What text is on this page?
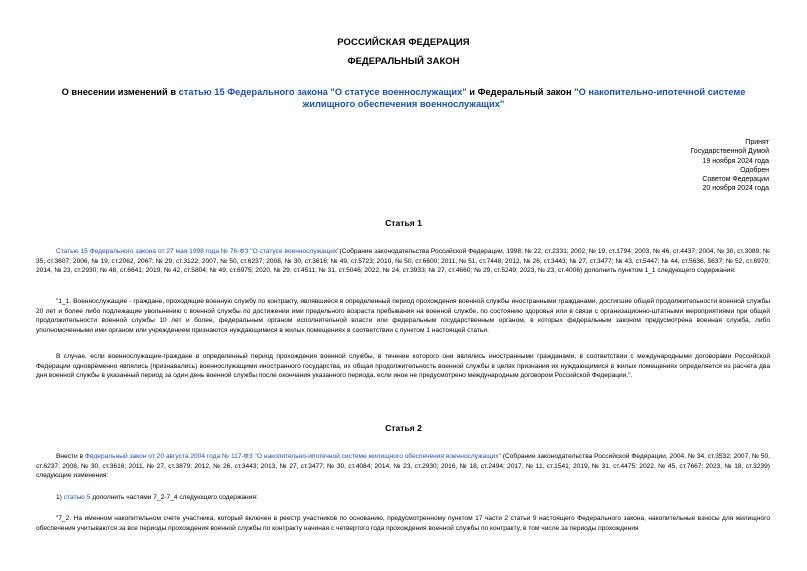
РОССИЙСКАЯ ФЕДЕРАЦИЯ
ФЕДЕРАЛЬНЫЙ ЗАКОН
О внесении изменений в статью 15 Федерального закона "О статусе военнослужащих" и Федеральный закон "О накопительно-ипотечной системе жилищного обеспечения военнослужащих"
Принят
Государственной Думой
19 ноября 2024 года
Одобрен
Советом Федерации
20 ноября 2024 года
Статья 1
Статью 15 Федерального закона от 27 мая 1998 года № 76-ФЗ "О статусе военнослужащих"(Собрание законодательства Российской Федерации, 1998, № 22, ст.2331; 2002, № 19, ст.1794; 2003, № 46, ст.4437; 2004, № 30, ст.3089; № 35, ст.3607; 2006, № 19, ст.2062, 2067; № 29, ст.3122; 2007, № 50, ст.6237; 2008, № 30, ст.3616; № 49, ст.5723; 2010, № 50, ст.6600; 2011, № 51, ст.7448; 2012, № 26, ст.3443; № 27, ст.3477; № 43, ст.5447; № 44, ст.5636, 5637; № 52, ст.6970; 2014, № 23, ст.2930; № 48, ст.6641; 2019, № 42, ст.5804; № 49, ст.6975; 2020, № 29, ст.4511; № 31, ст.5046; 2022, № 24, ст.3933; № 27, ст.4660; № 29, ст.5249; 2023, № 23, ст.4006) дополнить пунктом 1_1 следующего содержания:
"1_1. Военнослужащие - граждане, проходящие военную службу по контракту, являвшиеся в определенный период прохождения военной службы иностранными гражданами, достигшие общей продолжительности военной службы 20 лет и более либо подлежащие увольнению с военной службы по достижении ими предельного возраста пребывания на военной службе, по состоянию здоровья или в связи с организационно-штатными мероприятиями при общей продолжительности военной службы 10 лет и более, федеральным органом исполнительной власти или федеральным государственным органом, в которых федеральным законом предусмотрена военная служба, либо уполномоченными ими органом или учреждением признаются нуждающимися в жилых помещениях в соответствии с пунктом 1 настоящей статьи.
В случае, если военнослужащие-граждане в определенный период прохождения военной службы, в течение которого они являлись иностранными гражданами, в соответствии с международными договорами Российской Федерации одновременно являлись (признавались) военнослужащими иностранного государства, их общая продолжительность военной службы в целях признания их нуждающимися в жилых помещениях определяется из расчета два дня военной службы в указанный период за один день военной службы после окончания указанного периода, если иное не предусмотрено международным договором Российской Федерации.".
Статья 2
Внести в Федеральный закон от 20 августа 2004 года № 117-ФЗ "О накопительно-ипотечной системе жилищного обеспечения военнослужащих" (Собрание законодательства Российской Федерации, 2004, № 34, ст.3532; 2007, № 50, ст.6237; 2008, № 30, ст.3616; 2011, № 27, ст.3879; 2012, № 26, ст.3443; 2013, № 27, ст.3477; № 30, ст.4084; 2014, № 23, ст.2930; 2016, № 18, ст.2494; 2017, № 11, ст.1541; 2019, № 31, ст.4475; 2022, № 45, ст.7667; 2023, № 18, ст.3239) следующие изменения:
1) статью 5 дополнить частями 7_2-7_4 следующего содержания:
"7_2. На именном накопительном счете участника, который включен в реестр участников по основанию, предусмотренному пунктом 17 части 2 статьи 9 настоящего Федерального закона, накопительные взносы для жилищного обеспечения учитываются за все периоды прохождения военной службы по контракту начиная с четвертого года прохождения военной службы по контракту, в том числе за периоды прохождения
